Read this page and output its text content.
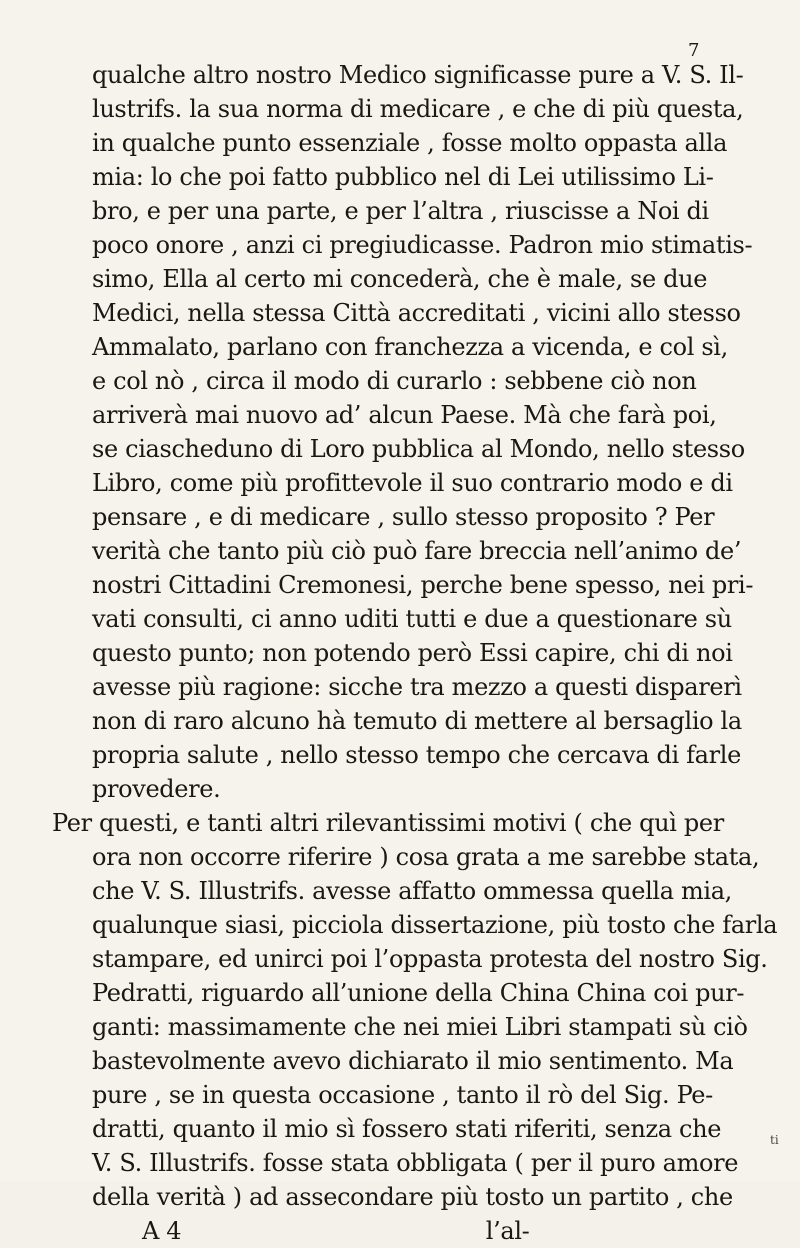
7
qualche altro nostro Medico significasse pure a V. S. Il-
lustrifs. la sua norma di medicare , e che di più questa,
in qualche punto essenziale , fosse molto oppasta alla
mia: lo che poi fatto pubblico nel di Lei utilissimo Li-
bro, e per una parte, e per l’altra , riuscisse a Noi di
poco onore , anzi ci pregiudicasse. Padron mio stimatis-
simo, Ella al certo mi concederà, che è male, se due
Medici, nella stessa Città accreditati , vicini allo stesso
Ammalato, parlano con franchezza a vicenda, e col sì,
e col nò , circa il modo di curarlo : sebbene ciò non
arriverà mai nuovo ad’ alcun Paese. Mà che farà poi,
se ciascheduno di Loro pubblica al Mondo, nello stesso
Libro, come più profittevole il suo contrario modo e di
pensare , e di medicare , sullo stesso proposito ? Per
verità che tanto più ciò può fare breccia nell’animo de’
nostri Cittadini Cremonesi, perche bene spesso, nei pri-
vati consulti, ci anno uditi tutti e due a questionare sù
questo punto; non potendo però Essi capire, chi di noi
avesse più ragione: sicche tra mezzo a questi disparerì
non di raro alcuno hà temuto di mettere al bersaglio la
propria salute , nello stesso tempo che cercava di farle
provedere.
Per questi, e tanti altri rilevantissimi motivi ( che quì per
ora non occorre riferire ) cosa grata a me sarebbe stata,
che V. S. Illustrifs. avesse affatto ommessa quella mia,
qualunque siasi, picciola dissertazione, più tosto che farla
stampare, ed unirci poi l’oppasta protesta del nostro Sig.
Pedratti, riguardo all’unione della China China coi pur-
ganti: massimamente che nei miei Libri stampati sù ciò
bastevolmente avevo dichiarato il mio sentimento. Ma
pure , se in questa occasione , tanto il rò del Sig. Pe-
dratti, quanto il mio sì fossero stati riferiti, senza che
V. S. Illustrifs. fosse stata obbligata ( per il puro amore
della verità ) ad assecondare più tosto un partito , che
A 4	l’al-
ti
